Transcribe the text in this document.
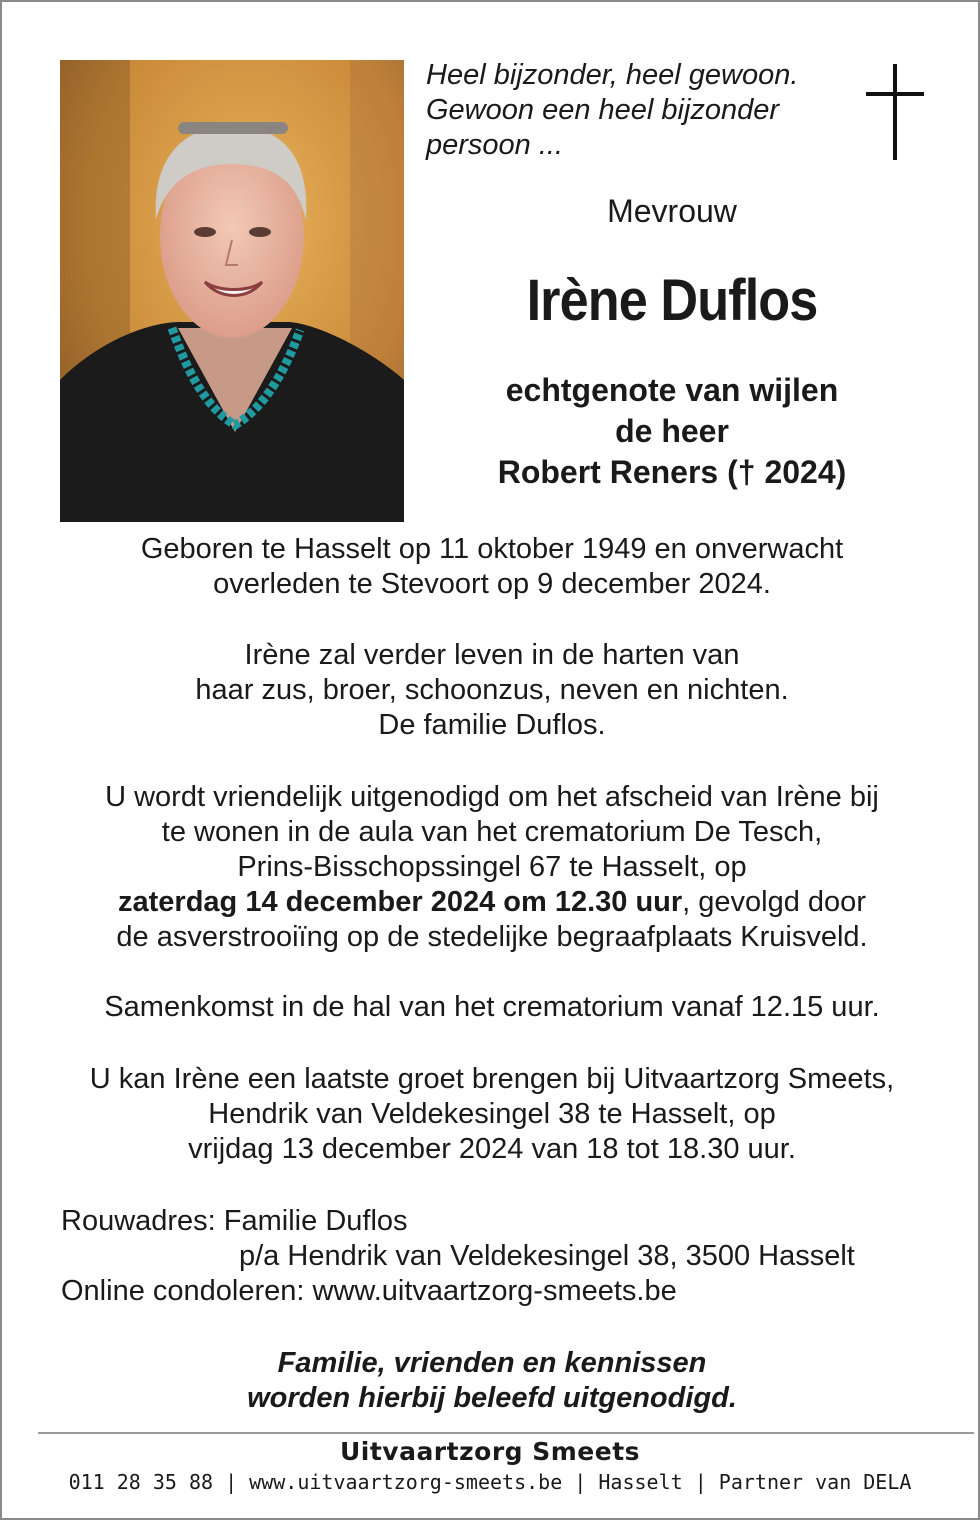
Heel bijzonder, heel gewoon.
Gewoon een heel bijzonder
persoon ...
Mevrouw
Irène Duflos
echtgenote van wijlen
de heer
Robert Reners († 2024)
Geboren te Hasselt op 11 oktober 1949 en onverwacht
overleden te Stevoort op 9 december 2024.
Irène zal verder leven in de harten van
haar zus, broer, schoonzus, neven en nichten.
De familie Duflos.
U wordt vriendelijk uitgenodigd om het afscheid van Irène bij
te wonen in de aula van het crematorium De Tesch,
Prins-Bisschopssingel 67 te Hasselt, op
zaterdag 14 december 2024 om 12.30 uur, gevolgd door
de asverstrooiïng op de stedelijke begraafplaats Kruisveld.
Samenkomst in de hal van het crematorium vanaf 12.15 uur.
U kan Irène een laatste groet brengen bij Uitvaartzorg Smeets,
Hendrik van Veldekesingel 38 te Hasselt, op
vrijdag 13 december 2024 van 18 tot 18.30 uur.
Rouwadres: Familie Duflos
p/a Hendrik van Veldekesingel 38, 3500 Hasselt
Online condoleren: www.uitvaartzorg-smeets.be
Familie, vrienden en kennissen
worden hierbij beleefd uitgenodigd.
Uitvaartzorg Smeets
011 28 35 88 | www.uitvaartzorg-smeets.be | Hasselt | Partner van DELA
